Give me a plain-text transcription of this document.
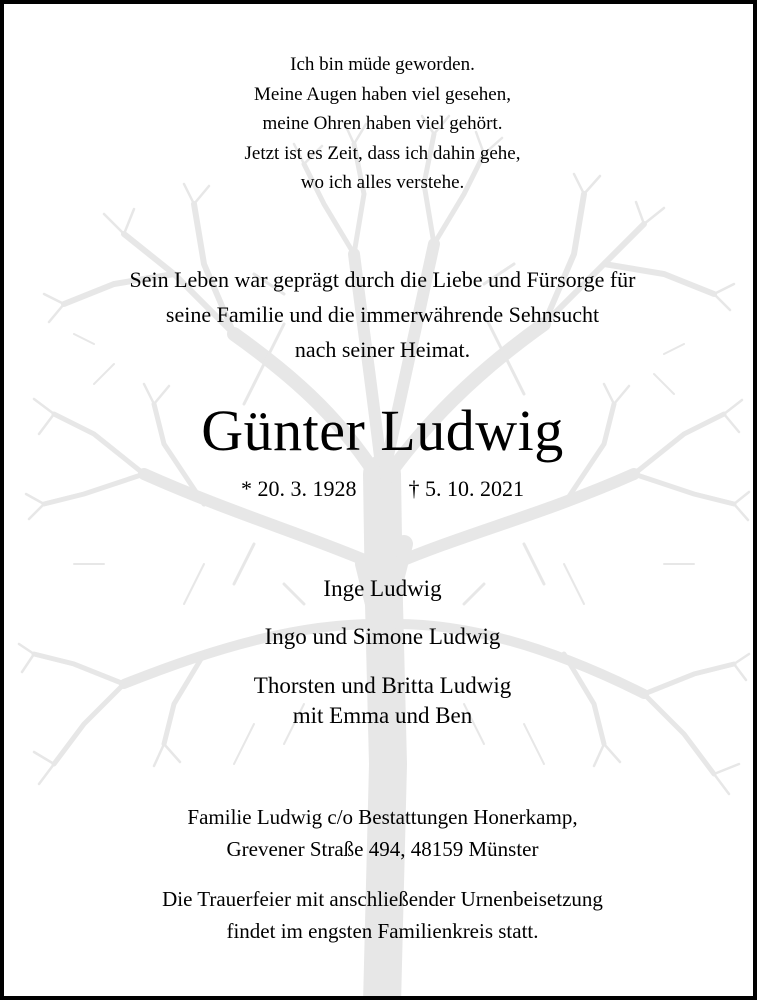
Ich bin müde geworden.
Meine Augen haben viel gesehen,
meine Ohren haben viel gehört.
Jetzt ist es Zeit, dass ich dahin gehe,
wo ich alles verstehe.
Sein Leben war geprägt durch die Liebe und Fürsorge für
seine Familie und die immerwährende Sehnsucht
nach seiner Heimat.
Günter Ludwig
* 20. 3. 1928 † 5. 10. 2021
Inge Ludwig
Ingo und Simone Ludwig
Thorsten und Britta Ludwig
mit Emma und Ben
Familie Ludwig c/o Bestattungen Honerkamp,
Grevener Straße 494, 48159 Münster
Die Trauerfeier mit anschließender Urnenbeisetzung
findet im engsten Familienkreis statt.
